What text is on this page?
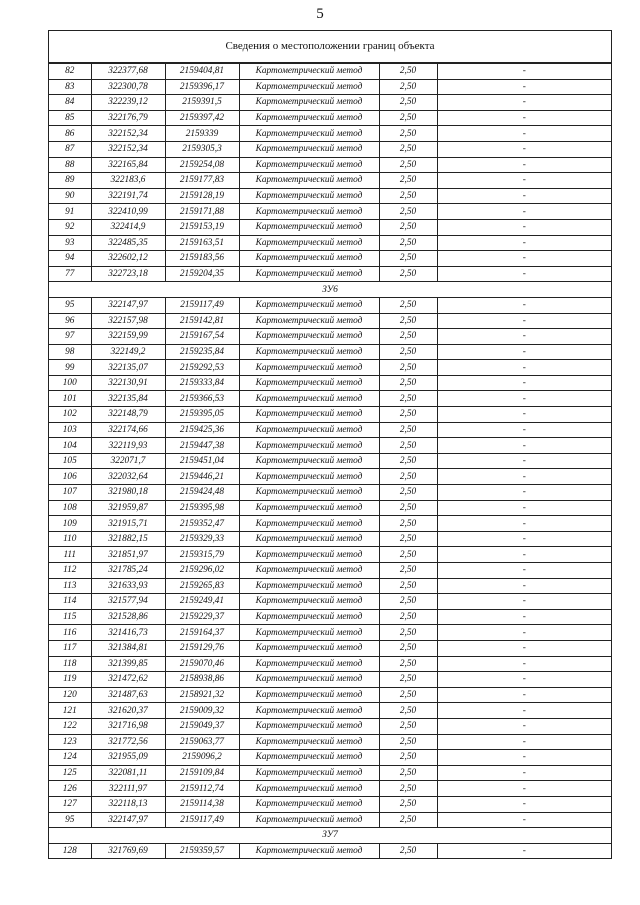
5
Сведения о местоположении границ объекта
82	322377,68	2159404,81	Картометрический метод	2,50	-
83	322300,78	2159396,17	Картометрический метод	2,50	-
84	322239,12	2159391,5	Картометрический метод	2,50	-
85	322176,79	2159397,42	Картометрический метод	2,50	-
86	322152,34	2159339	Картометрический метод	2,50	-
87	322152,34	2159305,3	Картометрический метод	2,50	-
88	322165,84	2159254,08	Картометрический метод	2,50	-
89	322183,6	2159177,83	Картометрический метод	2,50	-
90	322191,74	2159128,19	Картометрический метод	2,50	-
91	322410,99	2159171,88	Картометрический метод	2,50	-
92	322414,9	2159153,19	Картометрический метод	2,50	-
93	322485,35	2159163,51	Картометрический метод	2,50	-
94	322602,12	2159183,56	Картометрический метод	2,50	-
77	322723,18	2159204,35	Картометрический метод	2,50	-
ЗУ6					
95	322147,97	2159117,49	Картометрический метод	2,50	-
96	322157,98	2159142,81	Картометрический метод	2,50	-
97	322159,99	2159167,54	Картометрический метод	2,50	-
98	322149,2	2159235,84	Картометрический метод	2,50	-
99	322135,07	2159292,53	Картометрический метод	2,50	-
100	322130,91	2159333,84	Картометрический метод	2,50	-
101	322135,84	2159366,53	Картометрический метод	2,50	-
102	322148,79	2159395,05	Картометрический метод	2,50	-
103	322174,66	2159425,36	Картометрический метод	2,50	-
104	322119,93	2159447,38	Картометрический метод	2,50	-
105	322071,7	2159451,04	Картометрический метод	2,50	-
106	322032,64	2159446,21	Картометрический метод	2,50	-
107	321980,18	2159424,48	Картометрический метод	2,50	-
108	321959,87	2159395,98	Картометрический метод	2,50	-
109	321915,71	2159352,47	Картометрический метод	2,50	-
110	321882,15	2159329,33	Картометрический метод	2,50	-
111	321851,97	2159315,79	Картометрический метод	2,50	-
112	321785,24	2159296,02	Картометрический метод	2,50	-
113	321633,93	2159265,83	Картометрический метод	2,50	-
114	321577,94	2159249,41	Картометрический метод	2,50	-
115	321528,86	2159229,37	Картометрический метод	2,50	-
116	321416,73	2159164,37	Картометрический метод	2,50	-
117	321384,81	2159129,76	Картометрический метод	2,50	-
118	321399,85	2159070,46	Картометрический метод	2,50	-
119	321472,62	2158938,86	Картометрический метод	2,50	-
120	321487,63	2158921,32	Картометрический метод	2,50	-
121	321620,37	2159009,32	Картометрический метод	2,50	-
122	321716,98	2159049,37	Картометрический метод	2,50	-
123	321772,56	2159063,77	Картометрический метод	2,50	-
124	321955,09	2159096,2	Картометрический метод	2,50	-
125	322081,11	2159109,84	Картометрический метод	2,50	-
126	322111,97	2159112,74	Картометрический метод	2,50	-
127	322118,13	2159114,38	Картометрический метод	2,50	-
95	322147,97	2159117,49	Картометрический метод	2,50	-
ЗУ7					
128	321769,69	2159359,57	Картометрический метод	2,50	-
